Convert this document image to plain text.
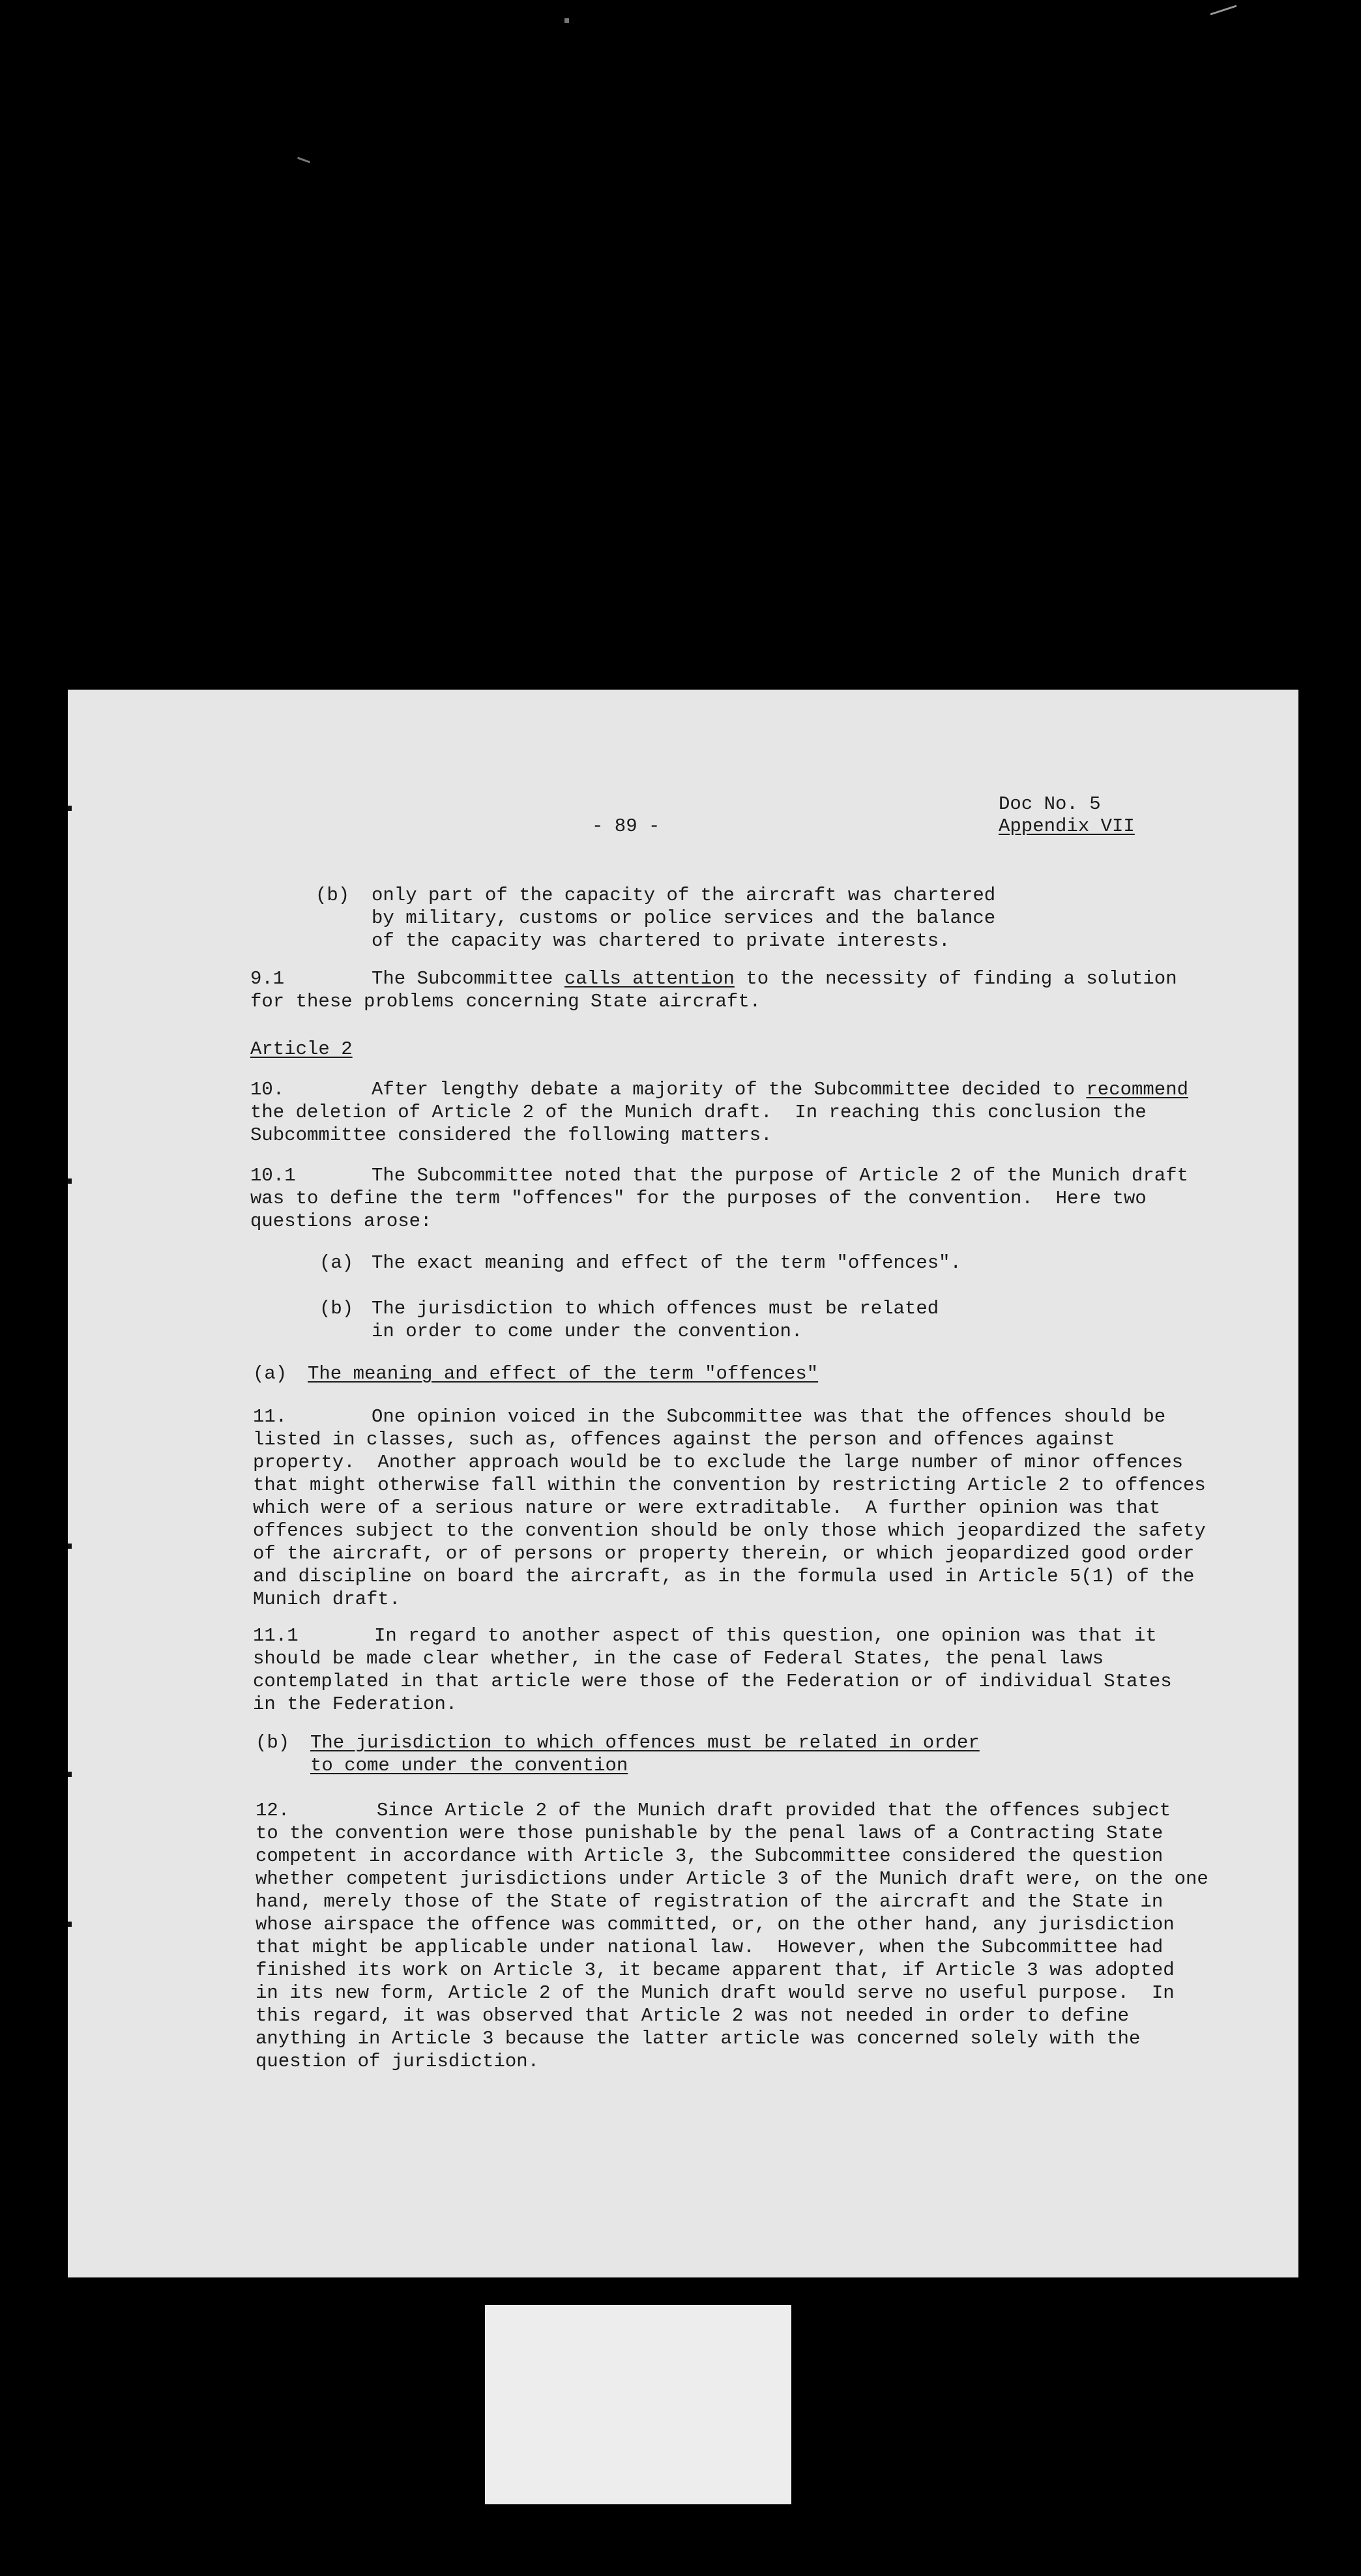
- 89 -
Doc No. 5
Appendix VII
(b) only part of the capacity of the aircraft was chartered
by military, customs or police services and the balance
of the capacity was chartered to private interests.
9.1	The Subcommittee calls attention to the necessity of finding a solution
for these problems concerning State aircraft.
Article 2
10.	After lengthy debate a majority of the Subcommittee decided to recommend
the deletion of Article 2 of the Munich draft.  In reaching this conclusion the
Subcommittee considered the following matters.
10.1	The Subcommittee noted that the purpose of Article 2 of the Munich draft
was to define the term "offences" for the purposes of the convention.  Here two
questions arose:
(a) The exact meaning and effect of the term "offences".
(b) The jurisdiction to which offences must be related
in order to come under the convention.
(a) The meaning and effect of the term "offences"
11.	One opinion voiced in the Subcommittee was that the offences should be
listed in classes, such as, offences against the person and offences against
property.  Another approach would be to exclude the large number of minor offences
that might otherwise fall within the convention by restricting Article 2 to offences
which were of a serious nature or were extraditable.  A further opinion was that
offences subject to the convention should be only those which jeopardized the safety
of the aircraft, or of persons or property therein, or which jeopardized good order
and discipline on board the aircraft, as in the formula used in Article 5(1) of the
Munich draft.
11.1	In regard to another aspect of this question, one opinion was that it
should be made clear whether, in the case of Federal States, the penal laws
contemplated in that article were those of the Federation or of individual States
in the Federation.
(b) The jurisdiction to which offences must be related in order
to come under the convention
12.	Since Article 2 of the Munich draft provided that the offences subject
to the convention were those punishable by the penal laws of a Contracting State
competent in accordance with Article 3, the Subcommittee considered the question
whether competent jurisdictions under Article 3 of the Munich draft were, on the one
hand, merely those of the State of registration of the aircraft and the State in
whose airspace the offence was committed, or, on the other hand, any jurisdiction
that might be applicable under national law.  However, when the Subcommittee had
finished its work on Article 3, it became apparent that, if Article 3 was adopted
in its new form, Article 2 of the Munich draft would serve no useful purpose.  In
this regard, it was observed that Article 2 was not needed in order to define
anything in Article 3 because the latter article was concerned solely with the
question of jurisdiction.
